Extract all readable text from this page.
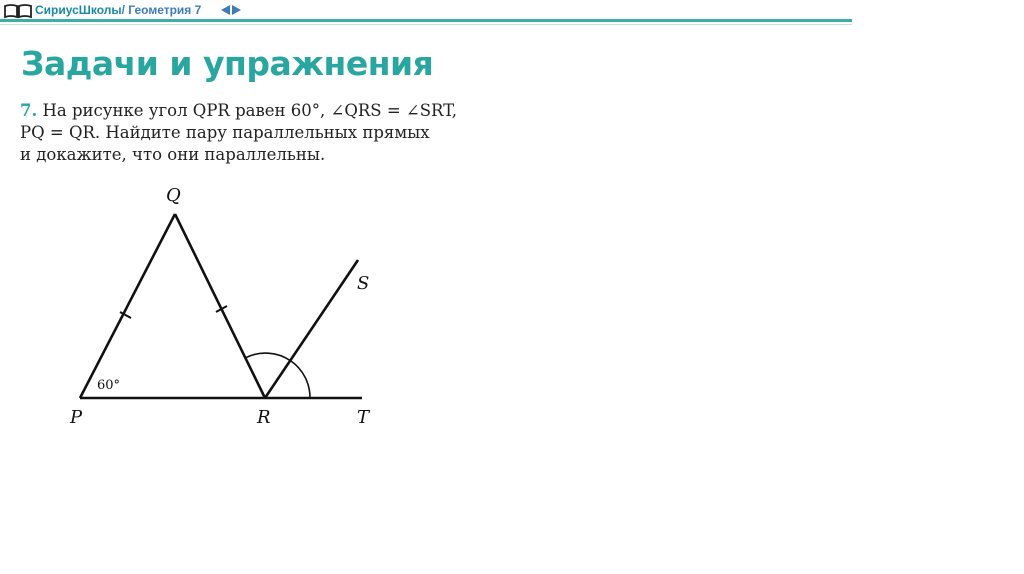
СириусШколы/ Геометрия 7
Задачи и упражнения
7. На рисунке угол QPR равен 60°, ∠QRS = ∠SRT,
PQ = QR. Найдите пару параллельных прямых
и докажите, что они параллельны.
Q
P	R	T
S
60°
